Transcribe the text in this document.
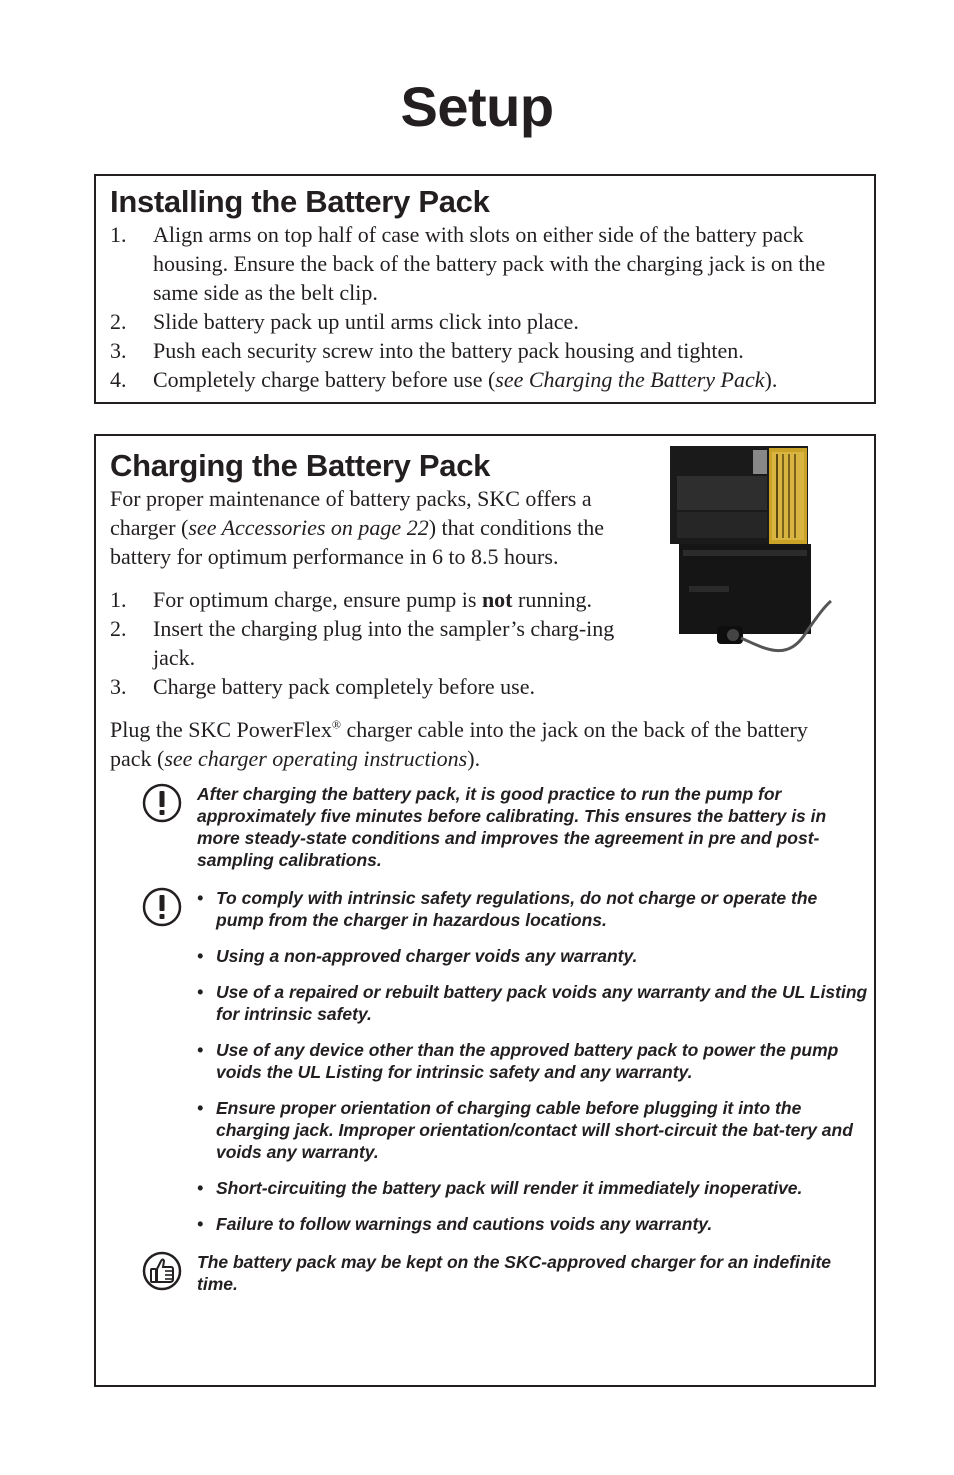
Setup
Installing the Battery Pack
1. Align arms on top half of case with slots on either side of the battery pack housing. Ensure the back of the battery pack with the charging jack is on the same side as the belt clip.
2. Slide battery pack up until arms click into place.
3. Push each security screw into the battery pack housing and tighten.
4. Completely charge battery before use (see Charging the Battery Pack).
Charging the Battery Pack

For proper maintenance of battery packs, SKC offers a charger (see Accessories on page 22) that conditions the battery for optimum performance in 6 to 8.5 hours.

1. For optimum charge, ensure pump is not running.
2. Insert the charging plug into the sampler’s charg-ing jack.
3. Charge battery pack completely before use.

Plug the SKC PowerFlex® charger cable into the jack on the back of the battery pack (see charger operating instructions).

After charging the battery pack, it is good practice to run the pump for approximately five minutes before calibrating. This ensures the battery is in more steady-state conditions and improves the agreement in pre and post-sampling calibrations.

• To comply with intrinsic safety regulations, do not charge or operate the pump from the charger in hazardous locations.
• Using a non-approved charger voids any warranty.
• Use of a repaired or rebuilt battery pack voids any warranty and the UL Listing for intrinsic safety.
• Use of any device other than the approved battery pack to power the pump voids the UL Listing for intrinsic safety and any warranty.
• Ensure proper orientation of charging cable before plugging it into the charging jack. Improper orientation/contact will short-circuit the bat-tery and voids any warranty.
• Short-circuiting the battery pack will render it immediately inoperative.
• Failure to follow warnings and cautions voids any warranty.

The battery pack may be kept on the SKC-approved charger for an indefinite time.
